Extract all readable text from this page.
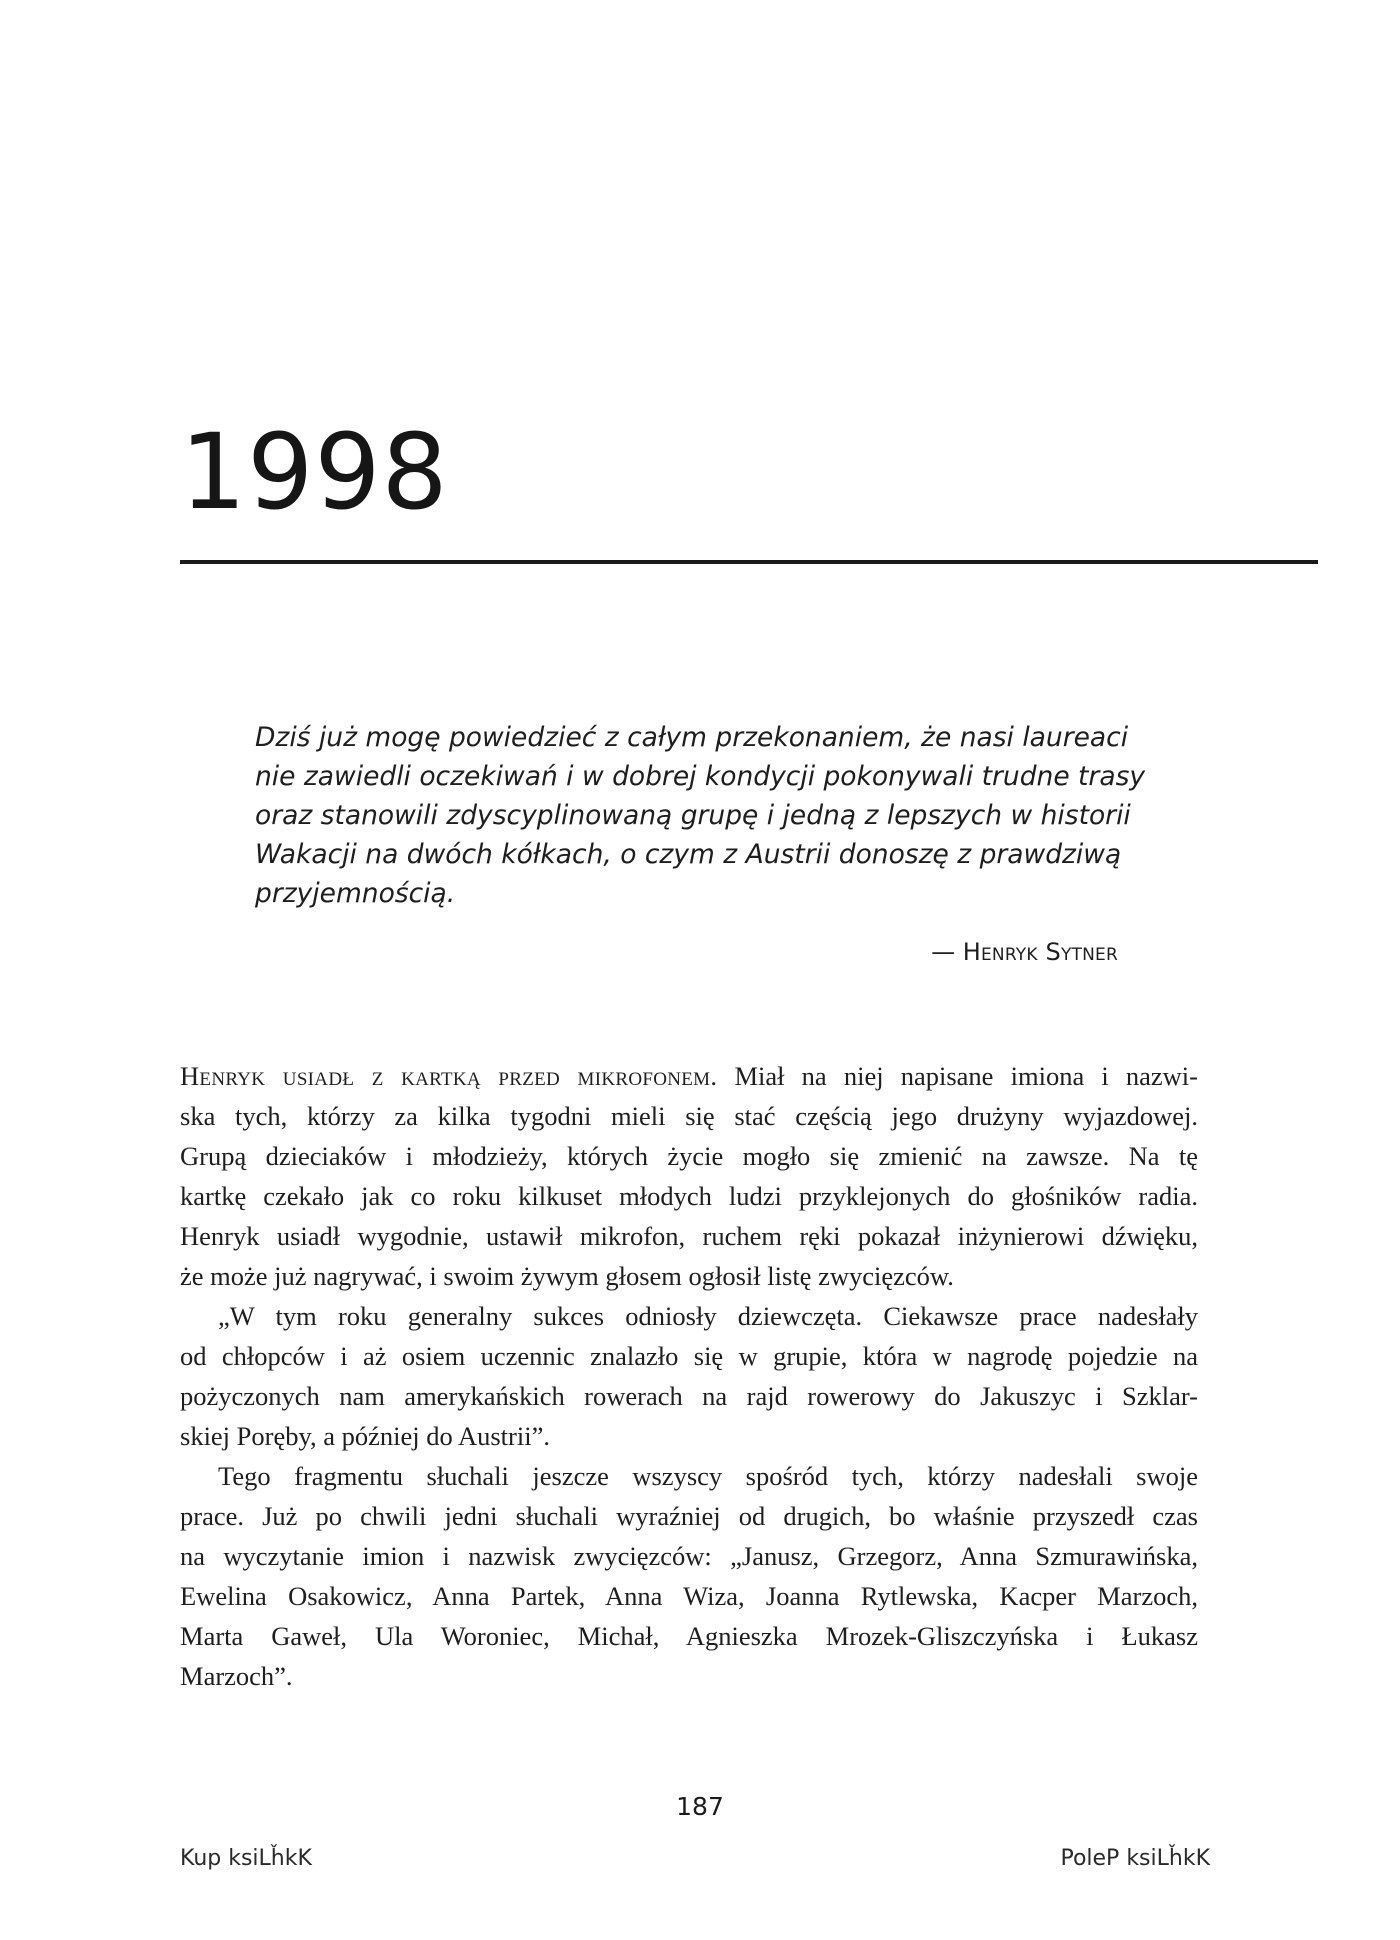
1998
Dziś już mogę powiedzieć z całym przekonaniem, że nasi laureaci
nie zawiedli oczekiwań i w dobrej kondycji pokonywali trudne trasy
oraz stanowili zdyscyplinowaną grupę i jedną z lepszych w historii
Wakacji na dwóch kółkach, o czym z Austrii donoszę z prawdziwą
przyjemnością.
— Henryk Sytner
Henryk usiadł z kartką przed mikrofonem. Miał na niej napisane imiona i nazwi-
ska tych, którzy za kilka tygodni mieli się stać częścią jego drużyny wyjazdowej.
Grupą dzieciaków i młodzieży, których życie mogło się zmienić na zawsze. Na tę
kartkę czekało jak co roku kilkuset młodych ludzi przyklejonych do głośników radia.
Henryk usiadł wygodnie, ustawił mikrofon, ruchem ręki pokazał inżynierowi dźwięku,
że może już nagrywać, i swoim żywym głosem ogłosił listę zwycięzców.
„W tym roku generalny sukces odniosły dziewczęta. Ciekawsze prace nadesłały
od chłopców i aż osiem uczennic znalazło się w grupie, która w nagrodę pojedzie na
pożyczonych nam amerykańskich rowerach na rajd rowerowy do Jakuszyc i Szklar-
skiej Poręby, a później do Austrii”.
Tego fragmentu słuchali jeszcze wszyscy spośród tych, którzy nadesłali swoje
prace. Już po chwili jedni słuchali wyraźniej od drugich, bo właśnie przyszedł czas
na wyczytanie imion i nazwisk zwycięzców: „Janusz, Grzegorz, Anna Szmurawińska,
Ewelina Osakowicz, Anna Partek, Anna Wiza, Joanna Rytlewska, Kacper Marzoch,
Marta Gaweł, Ula Woroniec, Michał, Agnieszka Mrozek-Gliszczyńska i Łukasz
Marzoch”.
187
Kup ksiLȟkK	PoleP ksiLȟkK
